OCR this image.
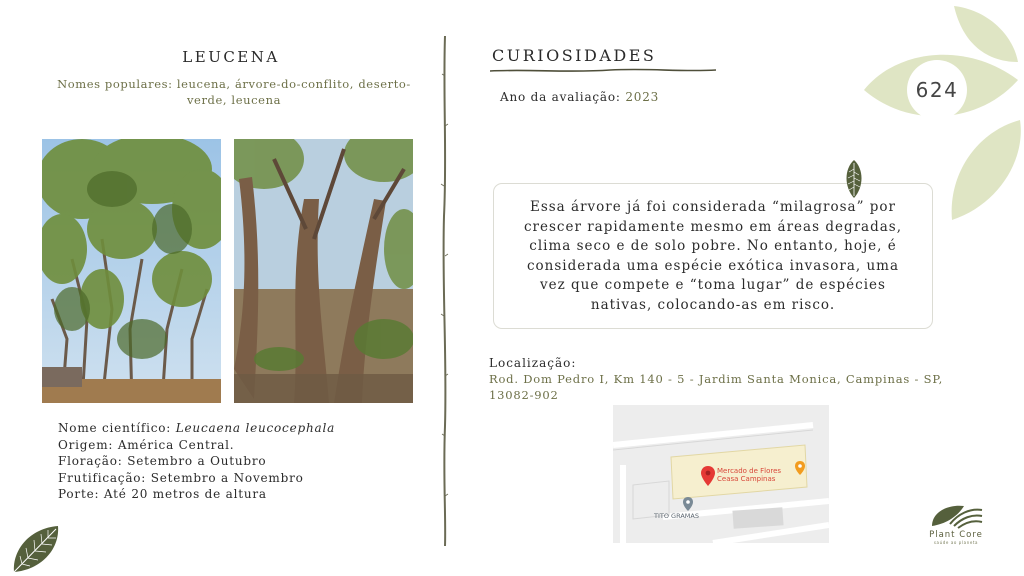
LEUCENA
Nomes populares: leucena, árvore-do-conflito, deserto-verde, leucena
Nome científico: Leucaena leucocephala
Origem: América Central.
Floração: Setembro a Outubro
Frutificação: Setembro a Novembro
Porte: Até 20 metros de altura
CURIOSIDADES
Ano da avaliação: 2023	624
Essa árvore já foi considerada “milagrosa” por crescer rapidamente mesmo em áreas degradas, clima seco e de solo pobre. No entanto, hoje, é considerada uma espécie exótica invasora, uma vez que compete e “toma lugar” de espécies nativas, colocando-as em risco.
Localização:
Rod. Dom Pedro I, Km 140 - 5 - Jardim Santa Monica, Campinas - SP, 13082-902
Mercado de Flores
Ceasa Campinas
TITO GRAMAS
Plant Core
saúde ao planeta
